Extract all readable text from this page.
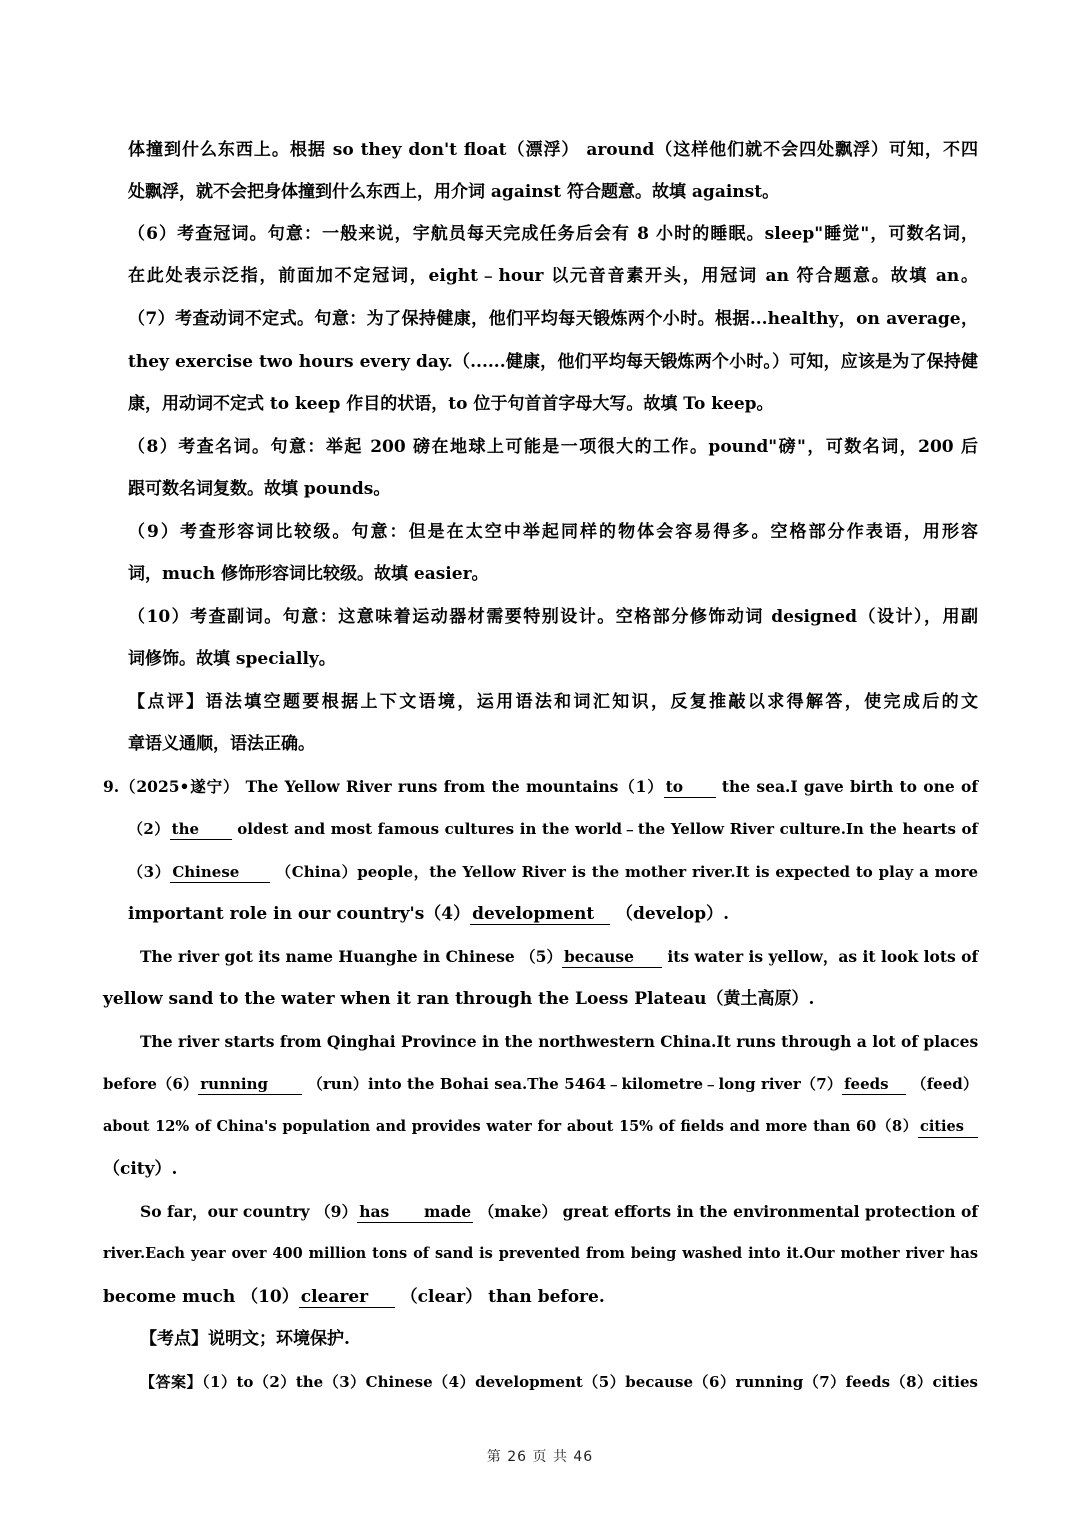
体撞到什么东西上。根据 so they don't float（漂浮） around（这样他们就不会四处飘浮）可知，不四
处飘浮，就不会把身体撞到什么东西上，用介词 against 符合题意。故填 against。
（6）考查冠词。句意：一般来说，宇航员每天完成任务后会有 8 小时的睡眠。sleep"睡觉"，可数名词，
在此处表示泛指，前面加不定冠词，eight﹣hour 以元音音素开头，用冠词 an 符合题意。故填 an。
（7）考查动词不定式。句意：为了保持健康，他们平均每天锻炼两个小时。根据...healthy，on average，
they exercise two hours every day.（......健康，他们平均每天锻炼两个小时。）可知，应该是为了保持健
康，用动词不定式 to keep 作目的状语，to 位于句首首字母大写。故填 To keep。
（8）考查名词。句意：举起 200 磅在地球上可能是一项很大的工作。pound"磅"，可数名词，200 后
跟可数名词复数。故填 pounds。
（9）考查形容词比较级。句意：但是在太空中举起同样的物体会容易得多。空格部分作表语，用形容
词，much 修饰形容词比较级。故填 easier。
（10）考查副词。句意：这意味着运动器材需要特别设计。空格部分修饰动词 designed（设计），用副
词修饰。故填 specially。
【点评】语法填空题要根据上下文语境，运用语法和词汇知识，反复推敲以求得解答，使完成后的文
章语义通顺，语法正确。
9.（2025•遂宁） The Yellow River runs from the mountains（1） to the sea.I gave birth to one of
（2） the oldest and most famous cultures in the world﹣the Yellow River culture.In the hearts of
（3） Chinese （China）people，the Yellow River is the mother river.It is expected to play a more
important role in our country's（4） development （develop）.
The river got its name Huanghe in Chinese （5） because its water is yellow，as it look lots of
yellow sand to the water when it ran through the Loess Plateau（黄土高原）.
The river starts from Qinghai Province in the northwestern China.It runs through a lot of places
before（6） running （run）into the Bohai sea.The 5464﹣kilometre﹣long river（7） feeds （feed）
about 12% of China's population and provides water for about 15% of fields and more than 60（8） cities
（city）.
So far，our country （9） has made （make） great efforts in the environmental protection of
river.Each year over 400 million tons of sand is prevented from being washed into it.Our mother river has
become much （10） clearer （clear） than before.
【考点】说明文；环境保护.
【答案】（1）to（2）the（3）Chinese（4）development（5）because（6）running（7）feeds（8）cities
第 26 页 共 46
